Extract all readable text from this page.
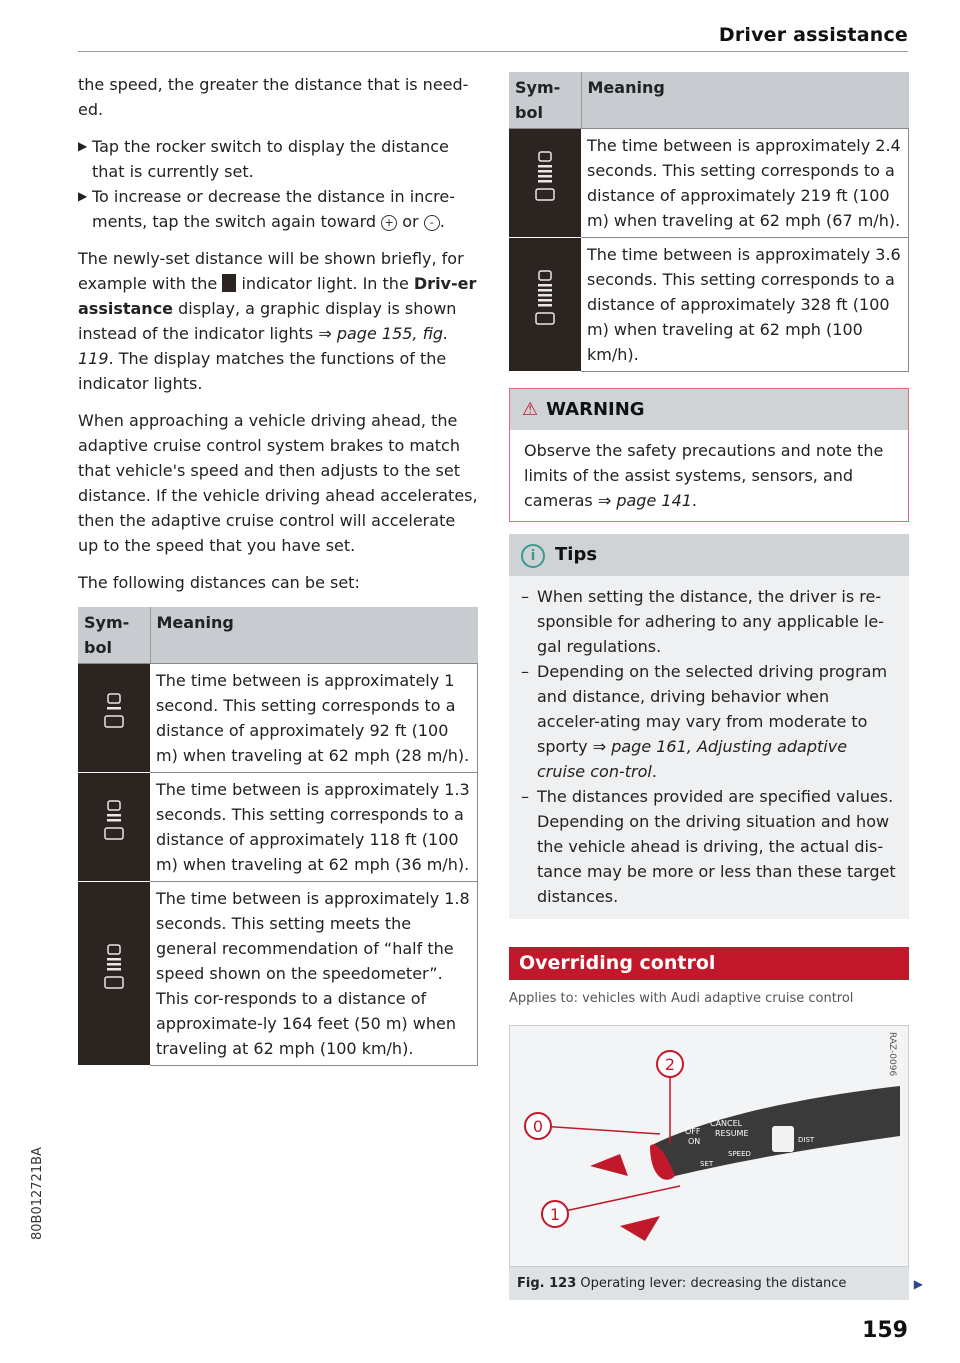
Driver assistance

the speed, the greater the distance that is need-ed.

▶ Tap the rocker switch to display the distance that is currently set.

▶ To increase or decrease the distance in incre-ments, tap the switch again toward + or - .

The newly-set distance will be shown briefly, for example with the indicator light. In the Driv-er assistance display, a graphic display is shown instead of the indicator lights ⇒ page 155, fig. 119. The display matches the functions of the indicator lights.

When approaching a vehicle driving ahead, the adaptive cruise control system brakes to match that vehicle's speed and then adjusts to the set distance. If the vehicle driving ahead accelerates, then the adaptive cruise control will accelerate up to the speed that you have set.

The following distances can be set:

Sym-bol	Meaning
	The time between is approximately 1 second. This setting corresponds to a distance of approximately 92 ft (100 m) when traveling at 62 mph (28 m/h).
	The time between is approximately 1.3 seconds. This setting corresponds to a distance of approximately 118 ft (100 m) when traveling at 62 mph (36 m/h).
	The time between is approximately 1.8 seconds. This setting meets the general recommendation of “half the speed shown on the speedometer”. This cor-responds to a distance of approximate-ly 164 feet (50 m) when traveling at 62 mph (100 km/h).
Sym-bol	Meaning
	The time between is approximately 2.4 seconds. This setting corresponds to a distance of approximately 219 ft (100 m) when traveling at 62 mph (67 m/h).
	The time between is approximately 3.6 seconds. This setting corresponds to a distance of approximately 328 ft (100 m) when traveling at 62 mph (100 km/h).
⚠ WARNING
Observe the safety precautions and note the limits of the assist systems, sensors, and cameras ⇒ page 141.
i Tips

– When setting the distance, the driver is re-sponsible for adhering to any applicable le-gal regulations.

– Depending on the selected driving program and distance, driving behavior when acceler-ating may vary from moderate to sporty ⇒ page 161, Adjusting adaptive cruise con-trol.

– The distances provided are specified values. Depending on the driving situation and how the vehicle ahead is driving, the actual dis-tance may be more or less than these target distances.

Overriding control
Applies to: vehicles with Audi adaptive cruise control
RAZ-0096
0
2
1
OFF
ON
CANCEL
RESUME
SPEED
DIST
SET
Fig. 123 Operating lever: decreasing the distance	▶
159
80B012721BA
